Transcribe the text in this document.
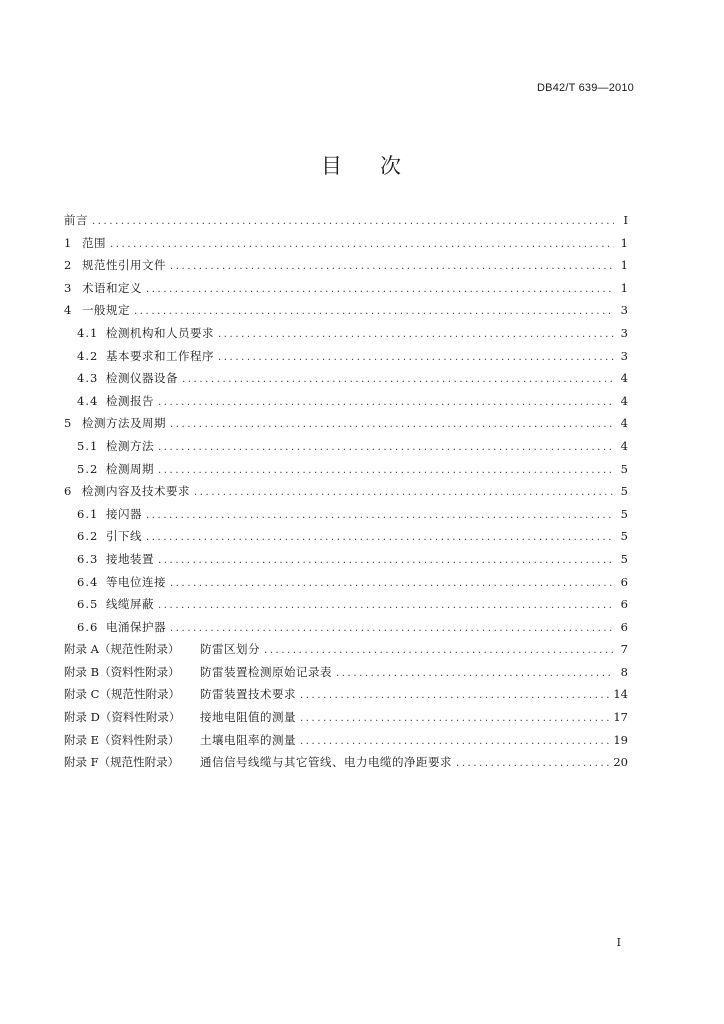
DB42/T 639—2010
目 次
前言 .....	I
1 范围 .....	1
2 规范性引用文件 .....	1
3 术语和定义 .....	1
4 一般规定 .....	3
4.1 检测机构和人员要求 .....	3
4.2 基本要求和工作程序 .....	3
4.3 检测仪器设备 .....	4
4.4 检测报告 .....	4
5 检测方法及周期 .....	4
5.1 检测方法 .....	4
5.2 检测周期 .....	5
6 检测内容及技术要求 .....	5
6.1 接闪器 .....	5
6.2 引下线 .....	5
6.3 接地装置 .....	5
6.4 等电位连接 .....	6
6.5 线缆屏蔽 .....	6
6.6 电涌保护器 .....	6
附录 A（规范性附录）	防雷区划分 .....	7
附录 B（资料性附录）	防雷装置检测原始记录表 .....	8
附录 C（规范性附录）	防雷装置技术要求 .....	14
附录 D（资料性附录）	接地电阻值的测量 .....	17
附录 E（资料性附录）	土壤电阻率的测量 .....	19
附录 F（规范性附录）	通信信号线缆与其它管线、电力电缆的净距要求 .....	20
I
